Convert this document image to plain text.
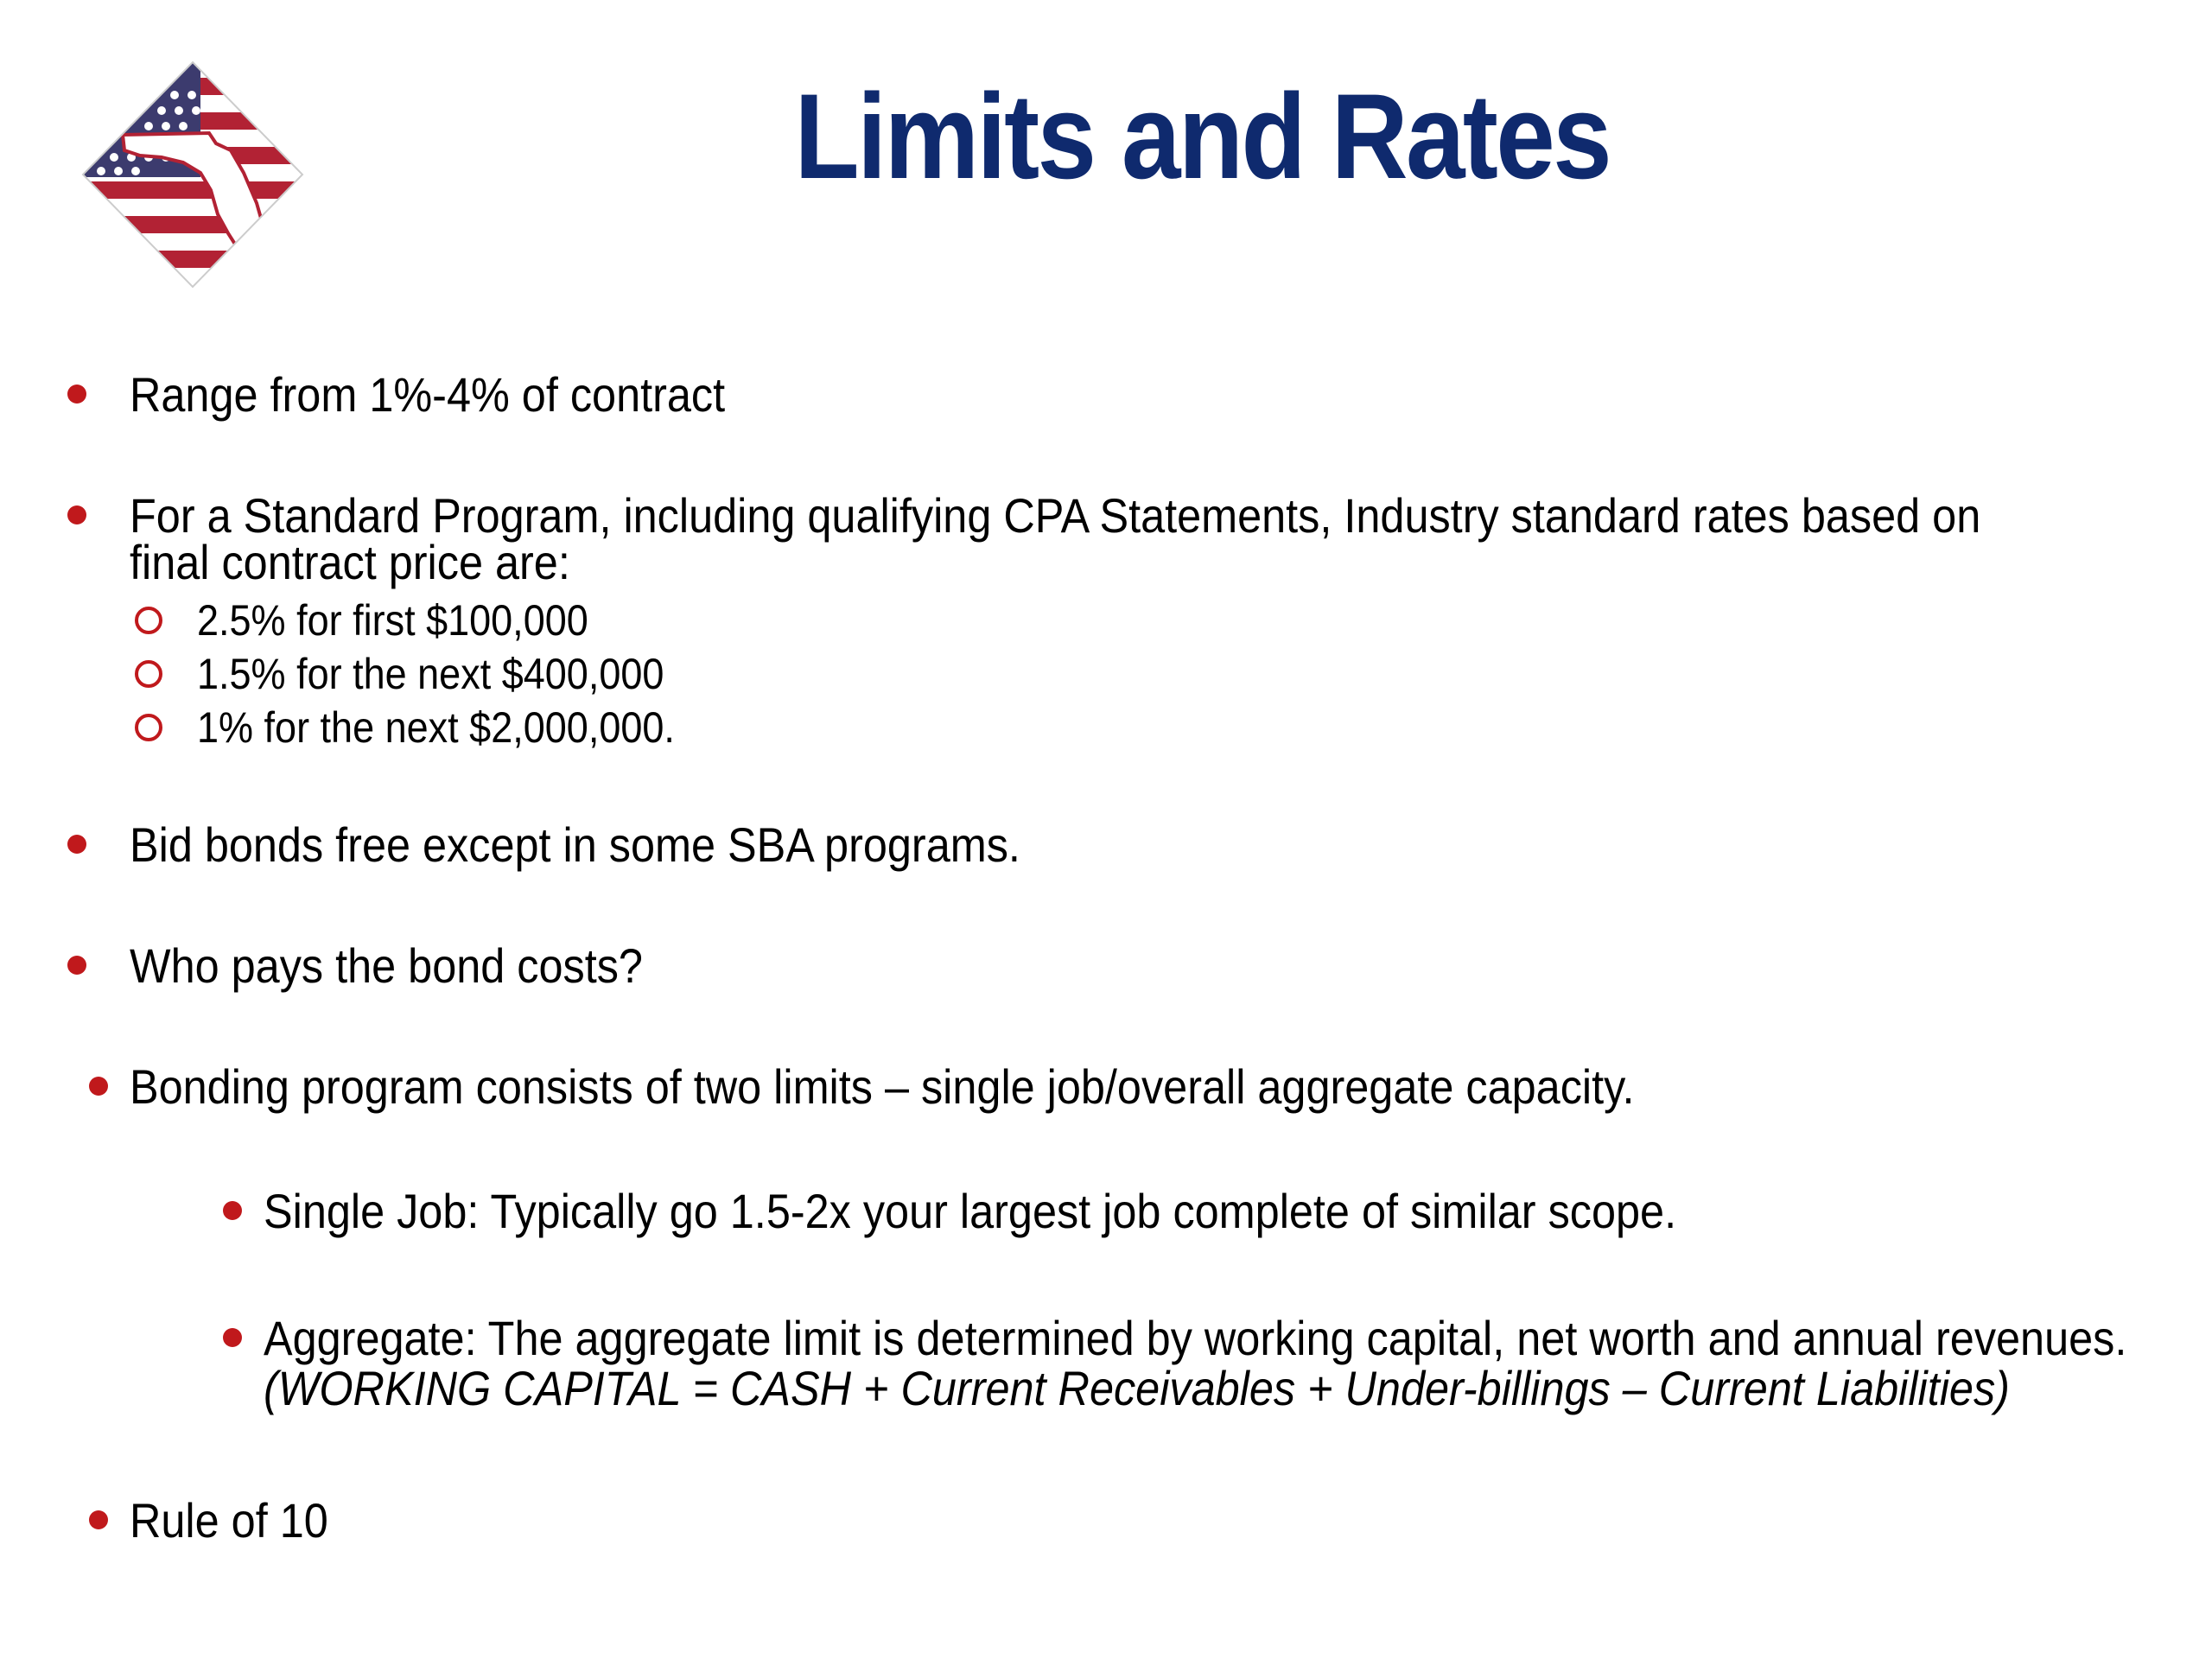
Limits and Rates
Range from 1%-4% of contract
For a Standard Program, including qualifying CPA Statements, Industry standard rates based on
final contract price are:
2.5% for first $100,000
1.5% for the next $400,000
1% for the next $2,000,000.
Bid bonds free except in some SBA programs.
Who pays the bond costs?
Bonding program consists of two limits – single job/overall aggregate capacity.
Single Job: Typically go 1.5-2x your largest job complete of similar scope.
Aggregate: The aggregate limit is determined by working capital, net worth and annual revenues.
(WORKING CAPITAL = CASH + Current Receivables + Under-billings – Current Liabilities)
Rule of 10
